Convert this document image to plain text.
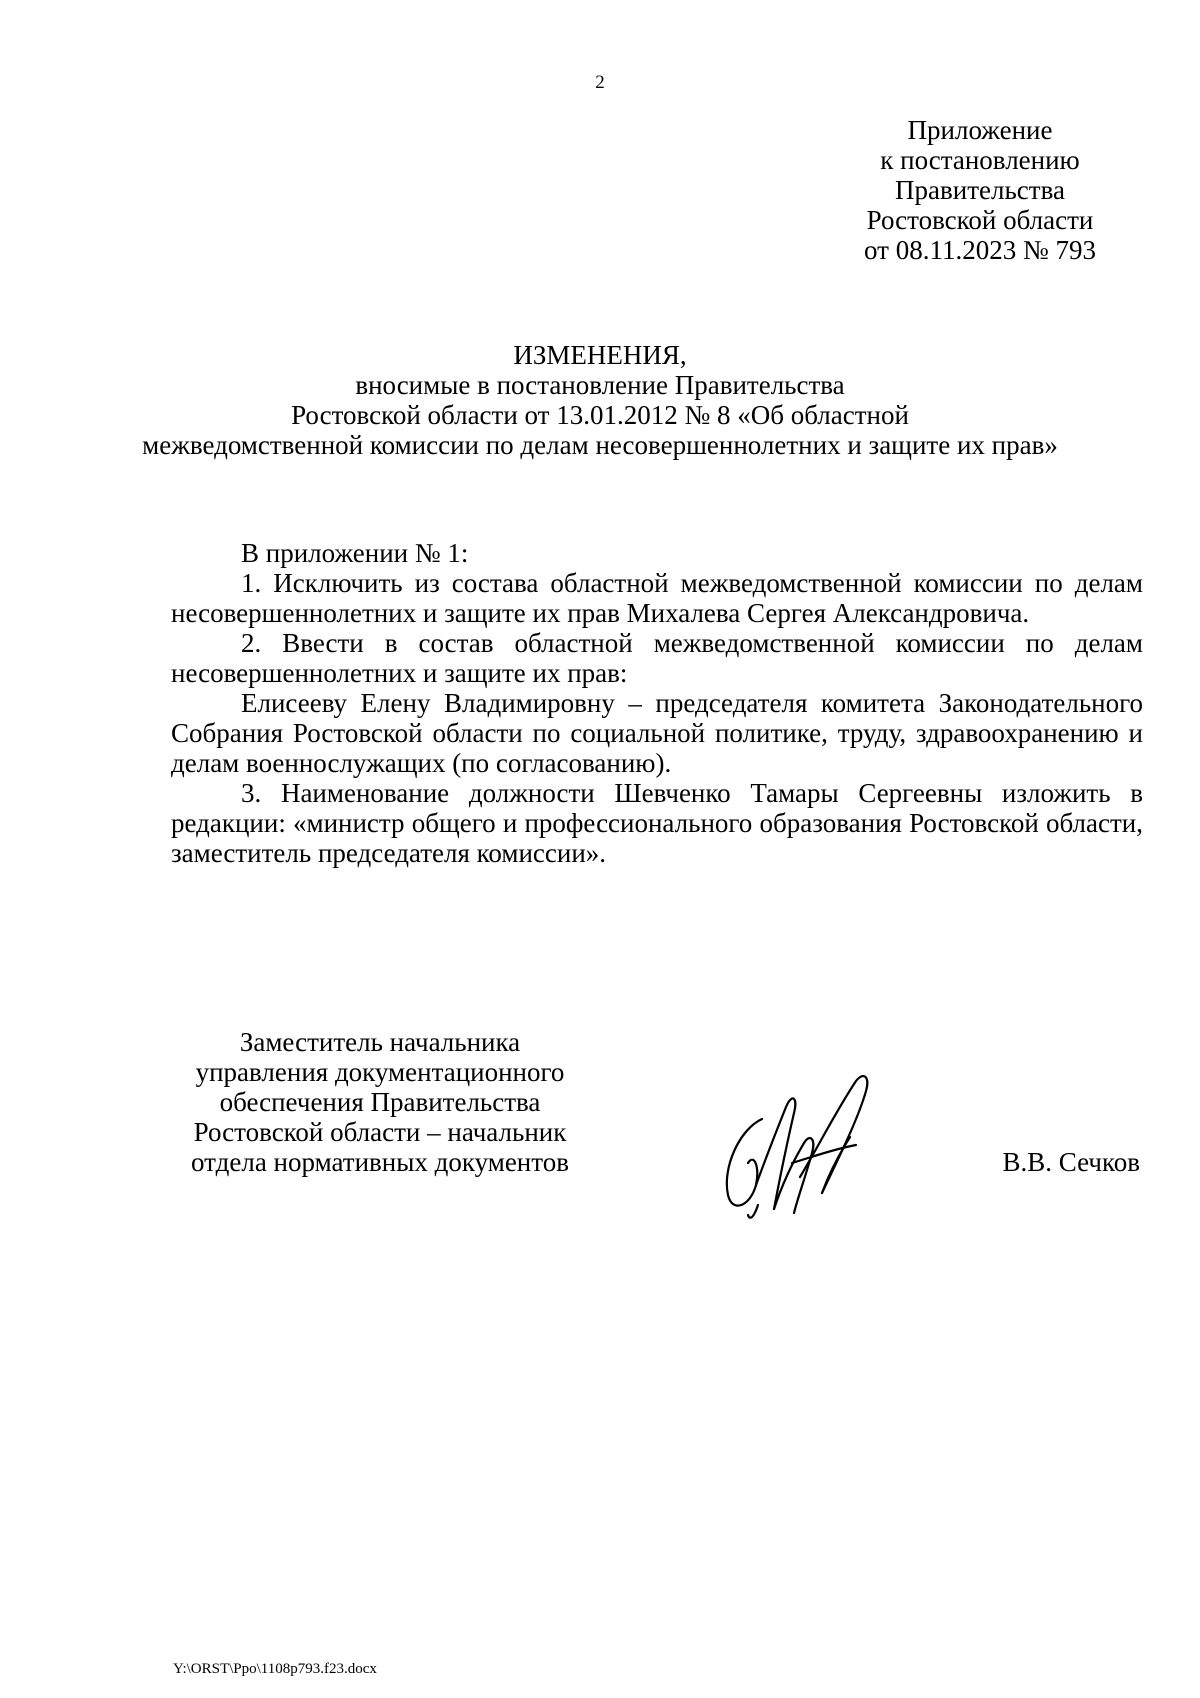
2
Приложение
к постановлению
Правительства
Ростовской области
от 08.11.2023 № 793
ИЗМЕНЕНИЯ,
вносимые в постановление Правительства
Ростовской области от 13.01.2012 № 8 «Об областной
межведомственной комиссии по делам несовершеннолетних и защите их прав»

В приложении № 1:

1. Исключить из состава областной межведомственной комиссии по делам несовершеннолетних и защите их прав Михалева Сергея Александровича.

2. Ввести в состав областной межведомственной комиссии по делам несовершеннолетних и защите их прав:

Елисееву Елену Владимировну – председателя комитета Законодательного Собрания Ростовской области по социальной политике, труду, здравоохранению и делам военнослужащих (по согласованию).

3. Наименование должности Шевченко Тамары Сергеевны изложить в редакции: «министр общего и профессионального образования Ростовской области, заместитель председателя комиссии».

Заместитель начальника
управления документационного
обеспечения Правительства
Ростовской области – начальник
отдела нормативных документов	В.В. Сечков
Y:\ORST\Ppo\1108p793.f23.docx
